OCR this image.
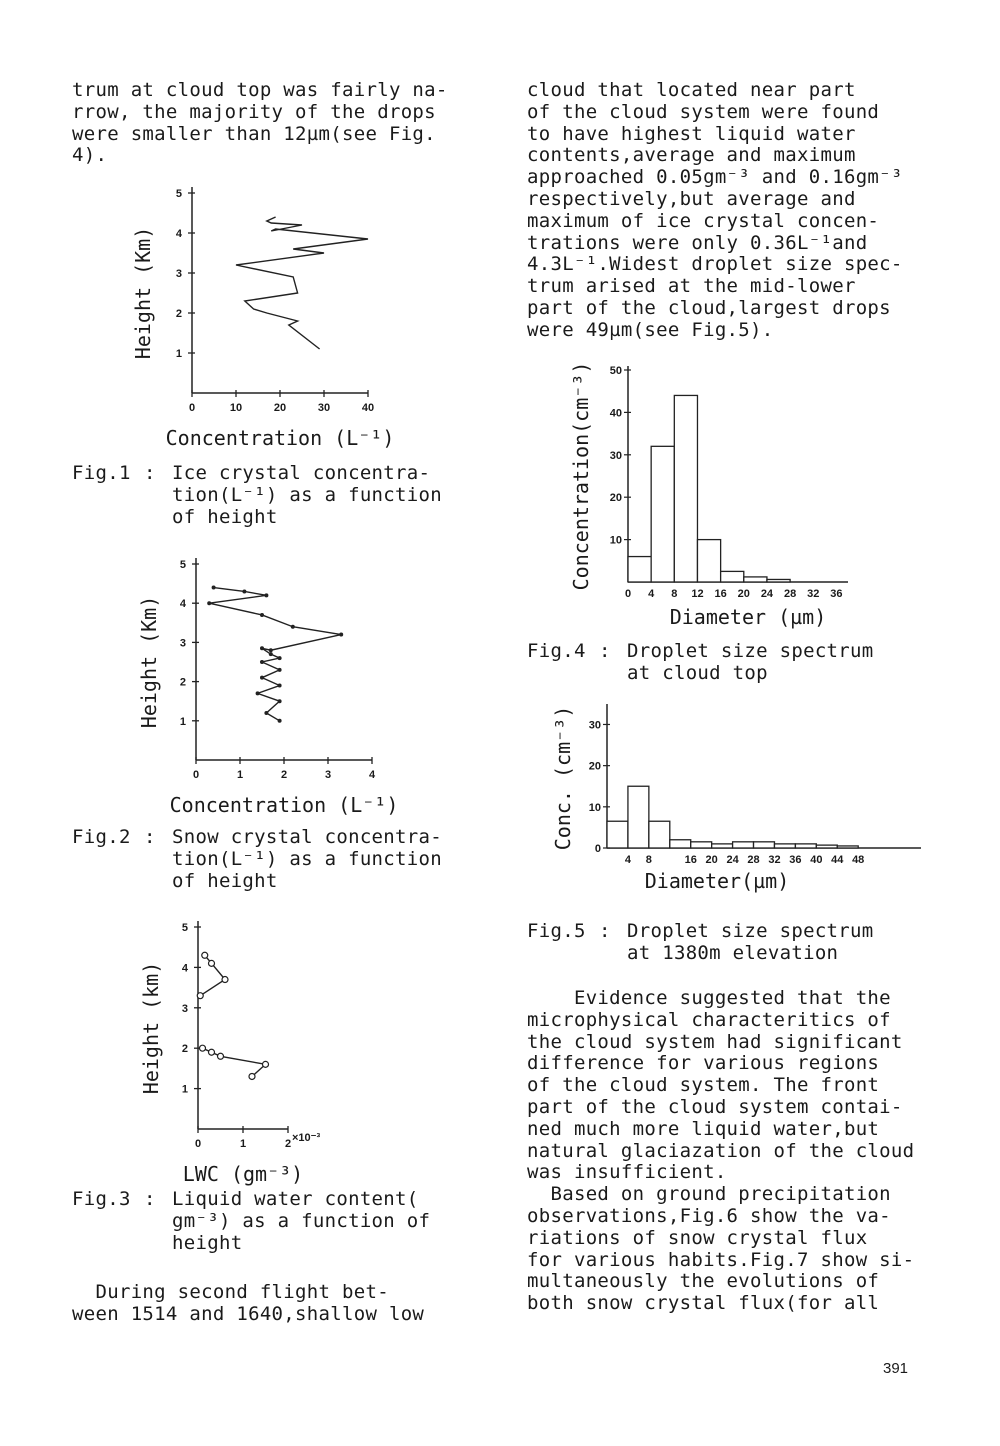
trum at cloud top was fairly na-
rrow, the majority of the drops
were smaller than 12µm(see Fig.
4).
1
2
3
4
5
0	10	20	30	40
Concentration (L⁻¹)
Height (Km)

Fig.1

:

Ice crystal concentra-
tion(L⁻¹) as a function
of height

1
2
3
4
5
0	1	2	3	4
Concentration (L⁻¹)
Height (Km)

Fig.2

:

Snow crystal concentra-
tion(L⁻¹) as a function
of height

1
2
3
4
5
0	1	2 ×10⁻³
LWC (gm⁻³)
Height (km)

Fig.3

:

Liquid water content(
gm⁻³) as a function of
height

During second flight bet-
ween 1514 and 1640,shallow low
cloud that located near part
of the cloud system were found
to have highest liquid water
contents,average and maximum
approached 0.05gm⁻³ and 0.16gm⁻³
respectively,but average and
maximum of ice crystal concen-
trations were only 0.36L⁻¹and
4.3L⁻¹.Widest droplet size spec-
trum arised at the mid-lower
part of the cloud,largest drops
were 49µm(see Fig.5).
10
20
30
40
50
0 4 8 12 16 20 24 28 32 36
Diameter (µm)
Concentration(cm⁻³)

Fig.4

:

Droplet size spectrum
at cloud top

0
10
20
30
4 8	16 20 24 28 32 36 40 44 48
Diameter(µm)
Conc. (cm⁻³)

Fig.5

:

Droplet size spectrum
at 1380m elevation

Evidence suggested that the
microphysical characteritics of
the cloud system had significant
difference for various regions
of the cloud system. The front
part of the cloud system contai-
ned much more liquid water,but
natural glaciazation of the cloud
was insufficient.
Based on ground precipitation
observations,Fig.6 show the va-
riations of snow crystal flux
for various habits.Fig.7 show si-
multaneously the evolutions of
both snow crystal flux(for all
391
